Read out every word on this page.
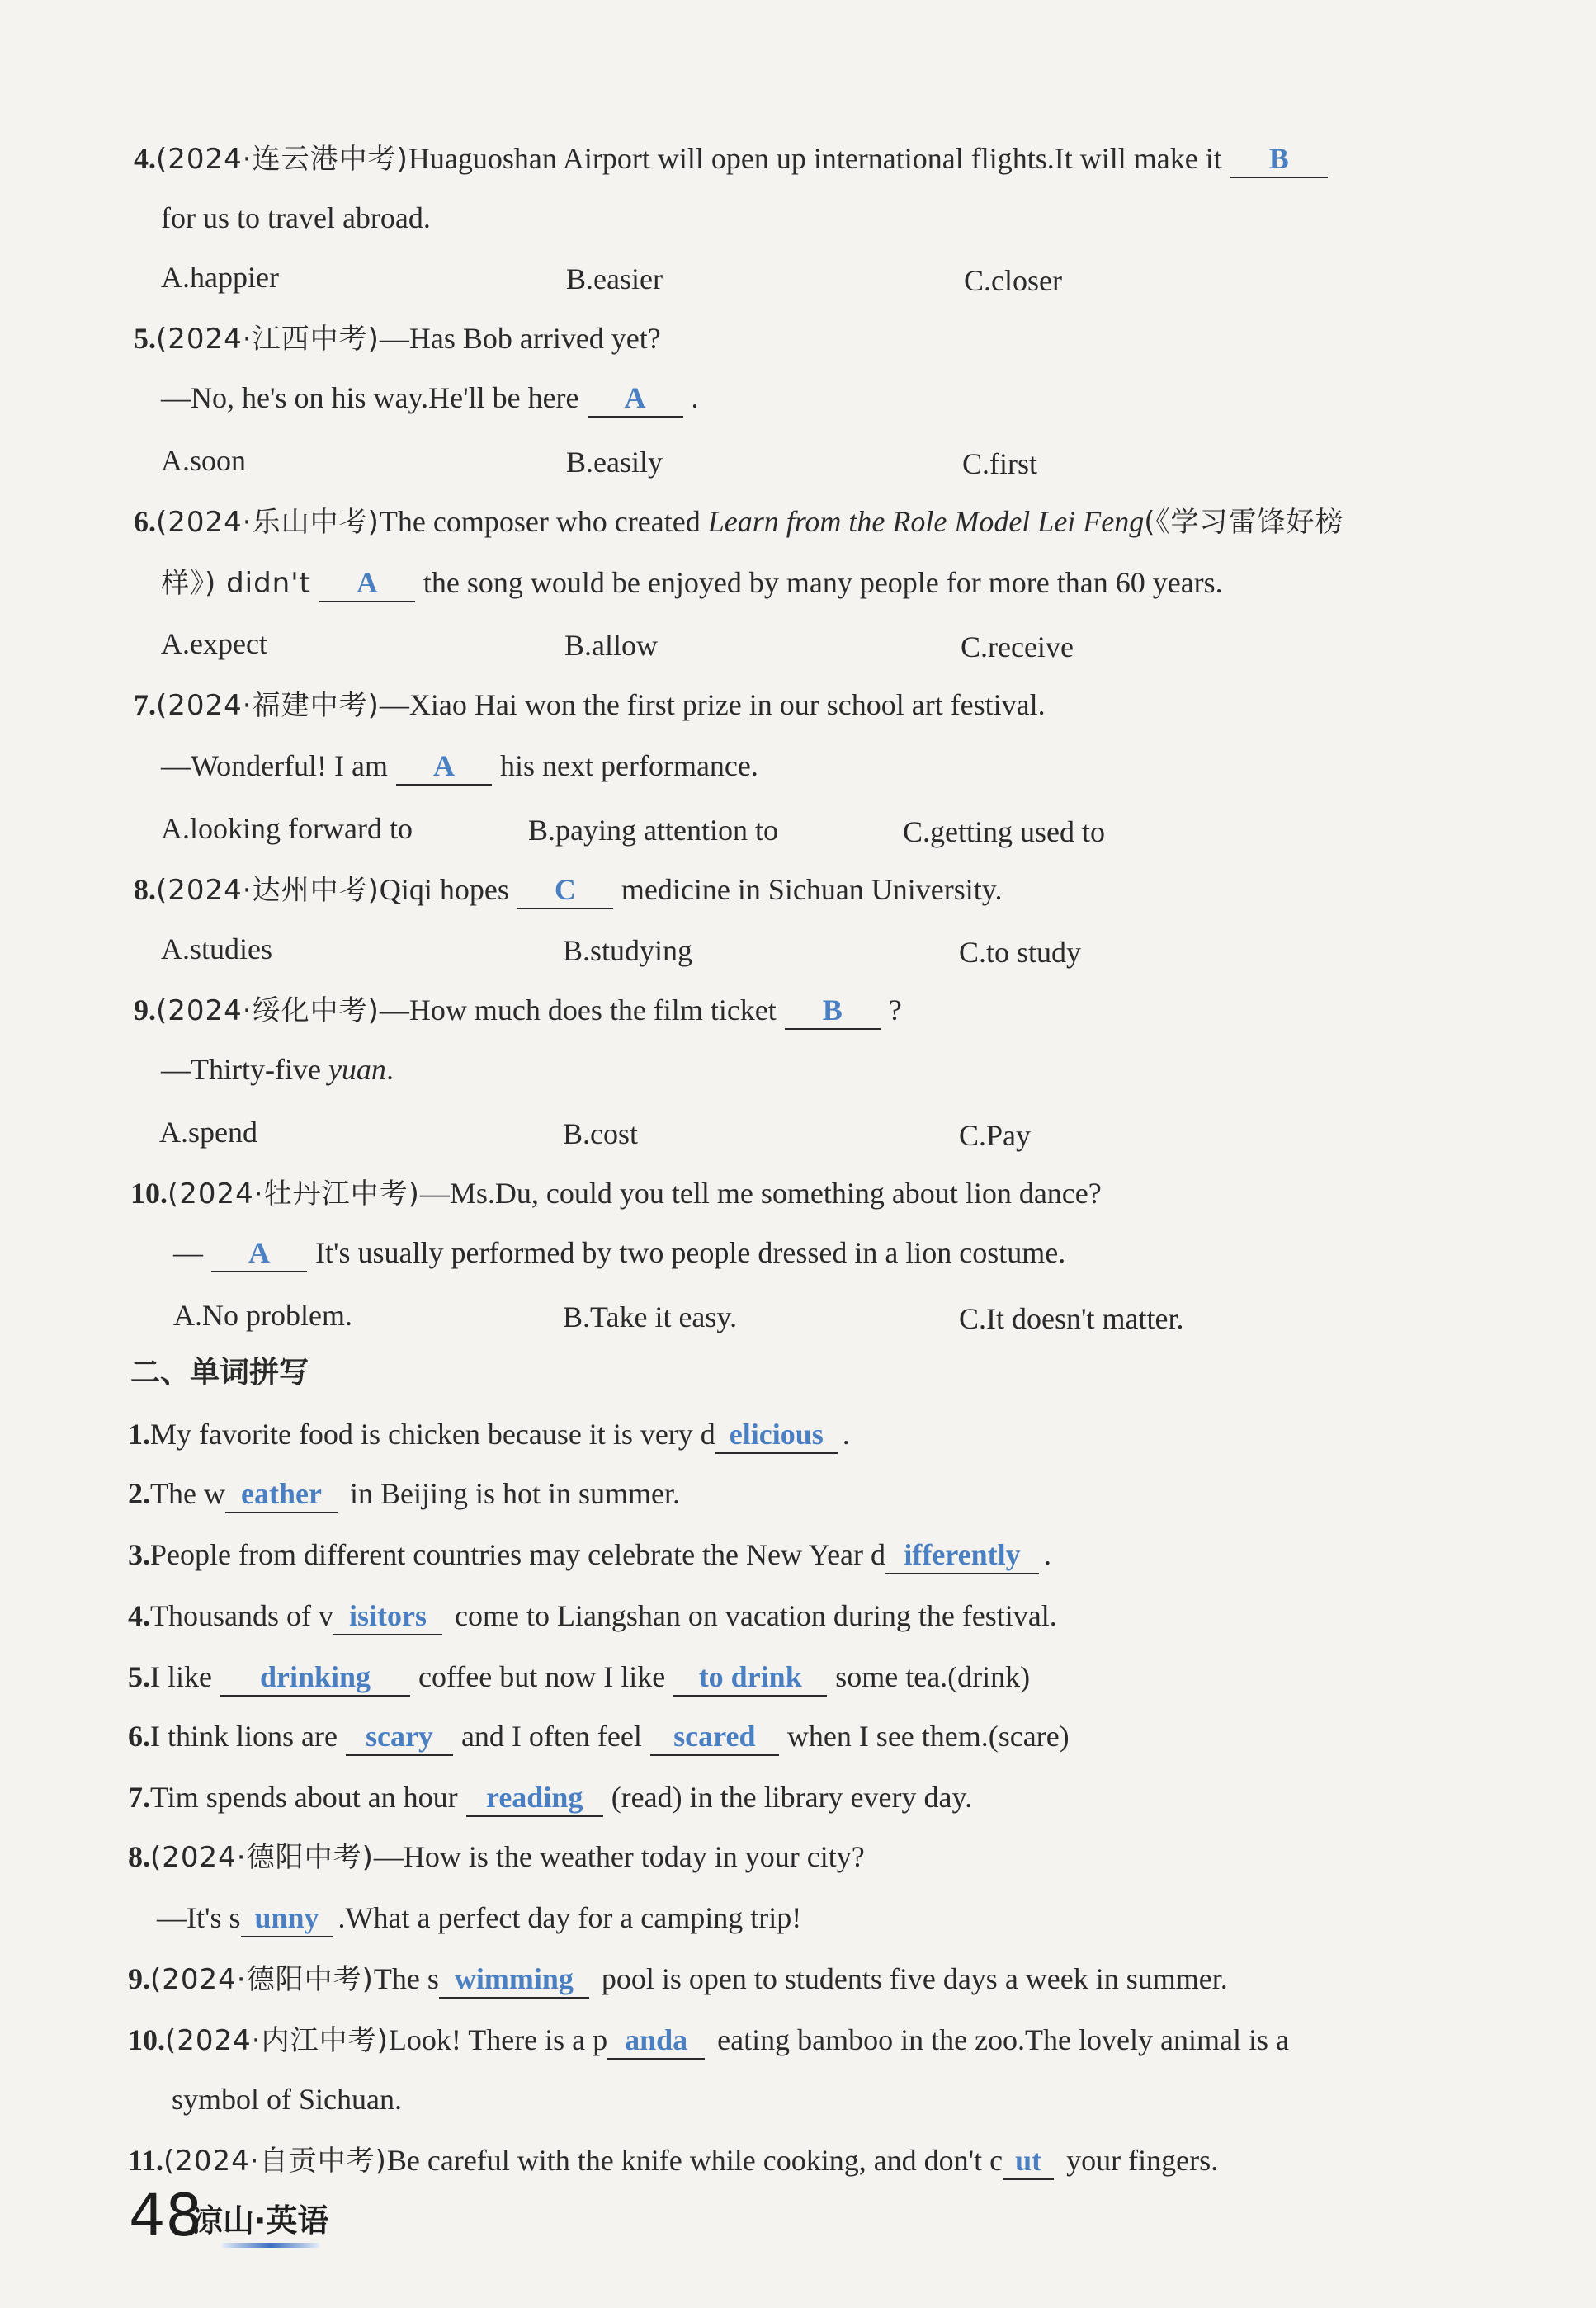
4.(2024·连云港中考)Huaguoshan Airport will open up international flights.It will make it B
for us to travel abroad.
A.happier	B.easier	C.closer
5.(2024·江西中考)—Has Bob arrived yet?
—No, he's on his way.He'll be here A .
A.soon	B.easily	C.first
6.(2024·乐山中考)The composer who created Learn from the Role Model Lei Feng(《学习雷锋好榜
样》) didn't A the song would be enjoyed by many people for more than 60 years.
A.expect	B.allow	C.receive
7.(2024·福建中考)—Xiao Hai won the first prize in our school art festival.
—Wonderful! I am A his next performance.
A.looking forward to	B.paying attention to	C.getting used to
8.(2024·达州中考)Qiqi hopes C medicine in Sichuan University.
A.studies	B.studying	C.to study
9.(2024·绥化中考)—How much does the film ticket B ?
—Thirty-five yuan.
A.spend	B.cost	C.Pay
10.(2024·牡丹江中考)—Ms.Du, could you tell me something about lion dance?
— A It's usually performed by two people dressed in a lion costume.
A.No problem.	B.Take it easy.	C.It doesn't matter.
二、单词拼写
1.My favorite food is chicken because it is very d elicious .
2.The w eather in Beijing is hot in summer.
3.People from different countries may celebrate the New Year d ifferently .
4.Thousands of v isitors come to Liangshan on vacation during the festival.
5.I like drinking coffee but now I like to drink some tea.(drink)
6.I think lions are scary and I often feel scared when I see them.(scare)
7.Tim spends about an hour reading (read) in the library every day.
8.(2024·德阳中考)—How is the weather today in your city?
—It's s unny .What a perfect day for a camping trip!
9.(2024·德阳中考)The s wimming pool is open to students five days a week in summer.
10.(2024·内江中考)Look! There is a p anda eating bamboo in the zoo.The lovely animal is a
symbol of Sichuan.
11.(2024·自贡中考)Be careful with the knife while cooking, and don't c ut your fingers.
48
凉山·英语
